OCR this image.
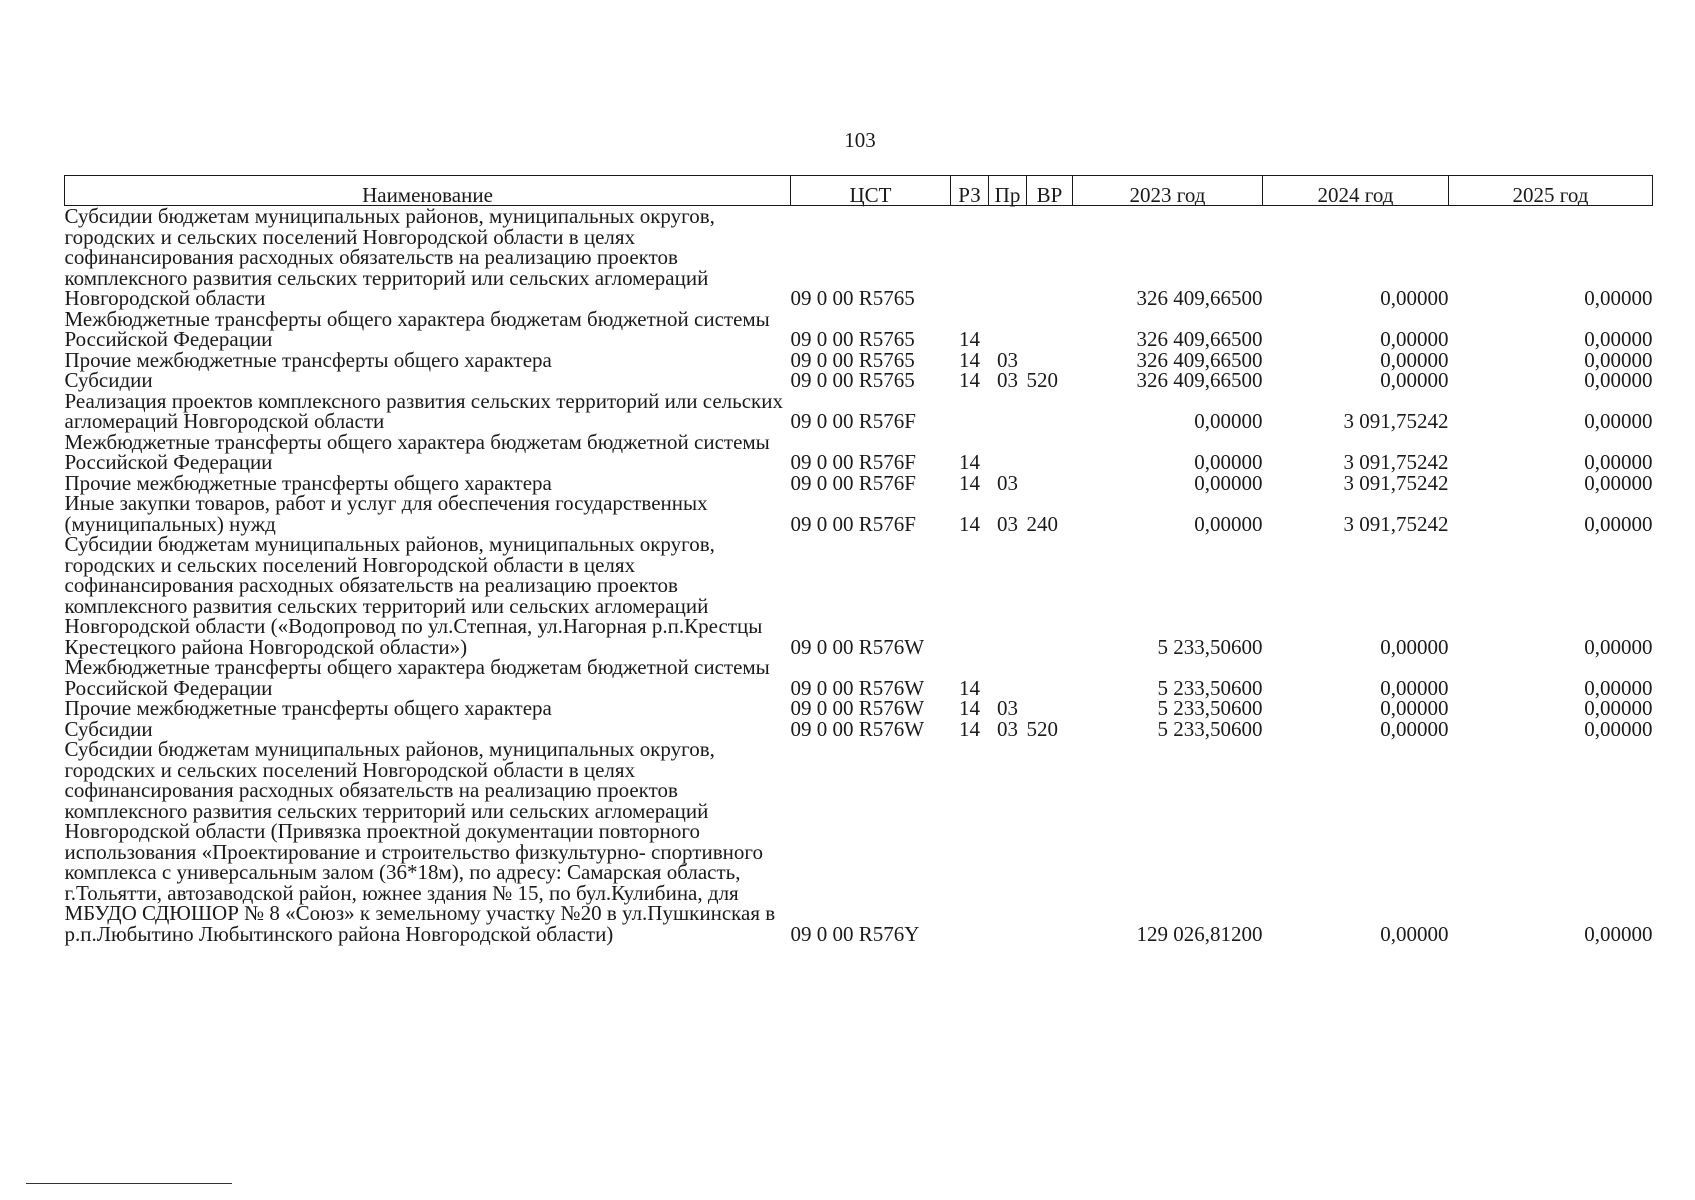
103
Наименование	ЦСТ	РЗ	Пр	ВР	2023 год	2024 год	2025 год
Субсидии бюджетам муниципальных районов, муниципальных округов, городских и сельских поселений Новгородской области в целях софинансирования расходных обязательств на реализацию проектов комплексного развития сельских территорий или сельских агломераций Новгородской области	09 0 00 R5765				326 409,66500	0,00000	0,00000
Межбюджетные трансферты общего характера бюджетам бюджетной системы Российской Федерации	09 0 00 R5765	14			326 409,66500	0,00000	0,00000
Прочие межбюджетные трансферты общего характера	09 0 00 R5765	14	03		326 409,66500	0,00000	0,00000
Субсидии	09 0 00 R5765	14	03	520	326 409,66500	0,00000	0,00000
Реализация проектов комплексного развития сельских территорий или сельских агломераций Новгородской области	09 0 00 R576F				0,00000	3 091,75242	0,00000
Межбюджетные трансферты общего характера бюджетам бюджетной системы Российской Федерации	09 0 00 R576F	14			0,00000	3 091,75242	0,00000
Прочие межбюджетные трансферты общего характера	09 0 00 R576F	14	03		0,00000	3 091,75242	0,00000
Иные закупки товаров, работ и услуг для обеспечения государственных (муниципальных) нужд	09 0 00 R576F	14	03	240	0,00000	3 091,75242	0,00000
Субсидии бюджетам муниципальных районов, муниципальных округов, городских и сельских поселений Новгородской области в целях софинансирования расходных обязательств на реализацию проектов комплексного развития сельских территорий или сельских агломераций Новгородской области («Водопровод по ул.Степная, ул.Нагорная р.п.Крестцы Крестецкого района Новгородской области»)	09 0 00 R576W				5 233,50600	0,00000	0,00000
Межбюджетные трансферты общего характера бюджетам бюджетной системы Российской Федерации	09 0 00 R576W	14			5 233,50600	0,00000	0,00000
Прочие межбюджетные трансферты общего характера	09 0 00 R576W	14	03		5 233,50600	0,00000	0,00000
Субсидии	09 0 00 R576W	14	03	520	5 233,50600	0,00000	0,00000
Субсидии бюджетам муниципальных районов, муниципальных округов, городских и сельских поселений Новгородской области в целях софинансирования расходных обязательств на реализацию проектов комплексного развития сельских территорий или сельских агломераций Новгородской области (Привязка проектной документации повторного использования «Проектирование и строительство физкультурно- спортивного комплекса с универсальным залом (36*18м), по адресу: Самарская область, г.Тольятти, автозаводской район, южнее здания № 15, по бул.Кулибина, для МБУДО СДЮШОР № 8 «Союз» к земельному участку №20 в ул.Пушкинская в р.п.Любытино Любытинского района Новгородской области)	09 0 00 R576Y				129 026,81200	0,00000	0,00000
